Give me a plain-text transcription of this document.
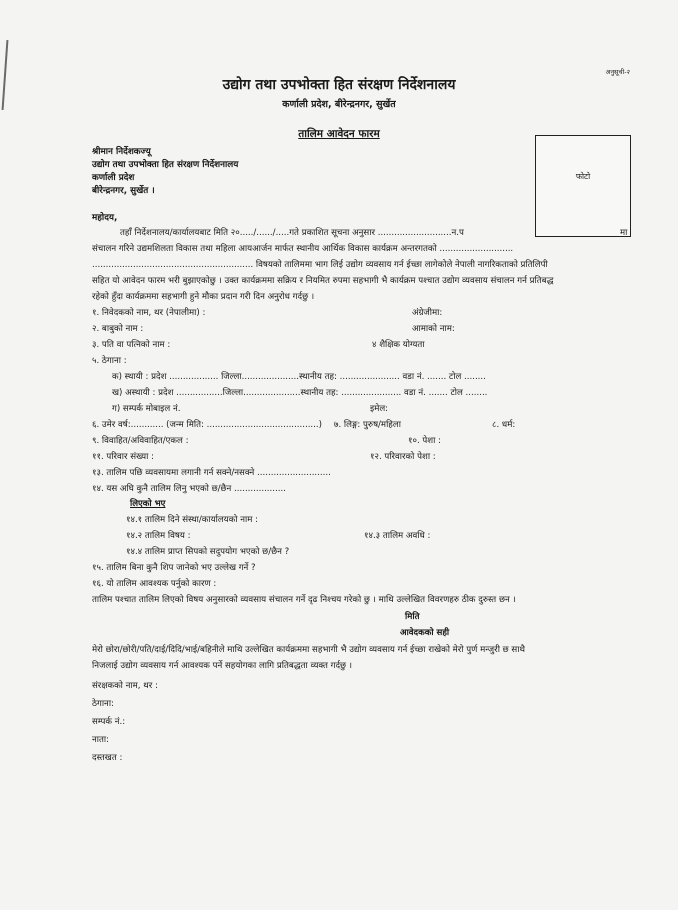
अनुसूची-२
उद्योग तथा उपभोक्ता हित संरक्षण निर्देशनालय
कर्णाली प्रदेश, बीरेन्द्रनगर, सुर्खेत
तालिम आवेदन फारम
फोटो
श्रीमान निर्देशकज्यू
उद्योग तथा उपभोक्ता हित संरक्षण निर्देशनालय
कर्णाली प्रदेश
बीरेन्द्रनगर, सुर्खेत ।
महोदय,
तहाँ निर्देशनालय/कार्यालयबाट मिति २०...../....../.....गते प्रकाशित सूचना अनुसार ...........................न.प	मा
संचालन गरिने उद्यमशिलता विकास तथा महिला आयआर्जन मार्फत स्थानीय आर्थिक विकास कार्यक्रम अन्तरगतको ...........................
........................................................... विषयको तालिममा भाग लिई उद्योग व्यवसाय गर्न ईच्छा लागेकोले नेपाली नागरिकताको प्रतिलिपी
सहित यो आवेदन फारम भरी बुझाएकोछु । उक्त कार्यक्रममा सक्रिय र नियमित रुपमा सहभागी भै कार्यक्रम पश्चात उद्योग व्यवसाय संचालन गर्न प्रतिबद्ध
रहेको हुँदा कार्यक्रममा सहभागी हुने मौका प्रदान गरी दिन अनुरोध गर्दछु ।
१. निवेदकको नाम, थर (नेपालीमा) :	अंग्रेजीमा:
२. बाबुको नाम :	आमाको नाम:
३. पति वा पत्निको नाम :	४ शैक्षिक योग्यता
५. ठेगाना :
क) स्थायी : प्रदेश .................. जिल्ला.....................स्थानीय तह: ...................... वडा नं. ....... टोल ........
ख) अस्थायी : प्रदेश .................जिल्ला.....................स्थानीय तह: ...................... वडा नं. ....... टोल ........
ग) सम्पर्क मोबाइल नं.	इमेल:
६. उमेर वर्ष:............ (जन्म मिति: .........................................) ७. लिङ्ग: पुरुष/महिला	८. धर्म:
९. विवाहित/अविवाहित/एकल :	१०. पेशा :
११. परिवार संख्या :	१२. परिवारको पेशा :
१३. तालिम पछि व्यवसायमा लगानी गर्न सक्ने/नसक्ने ...........................
१४. यस अघि कुनै तालिम लिनु भएको छ/छैन ...................
लिएको भए
१४.१ तालिम दिने संस्था/कार्यालयको नाम :
१४.२ तालिम विषय :	१४.३ तालिम अवधि :
१४.४ तालिम प्राप्त सिपको सदुपयोग भएको छ/छैन ?
१५. तालिम बिना कुनै शिप जानेको भए उल्लेख गर्ने ?
१६. यो तालिम आवश्यक पर्नुको कारण :
तालिम पश्चात तालिम लिएको विषय अनुसारको व्यवसाय संचालन गर्ने दृढ निश्चय गरेको छु । माथि उल्लेखित विवरणहरु ठीक दुरुस्त छन ।
मिति
आवेदकको सही
मेरो छोरा/छोरी/पति/दाई/दिदि/भाई/बहिनीले माथि उल्लेखित कार्यक्रममा सहभागी भै उद्योग व्यवसाय गर्न ईच्छा राखेको मेरो पुर्ण मन्जुरी छ साथै
निजलाई उद्योग व्यवसाय गर्न आवश्यक पर्ने सहयोगका लागि प्रतिबद्धता व्यक्त गर्दछु ।
संरक्षकको नाम, थर :
ठेगाना:
सम्पर्क नं.:
नाता:
दस्तखत :
